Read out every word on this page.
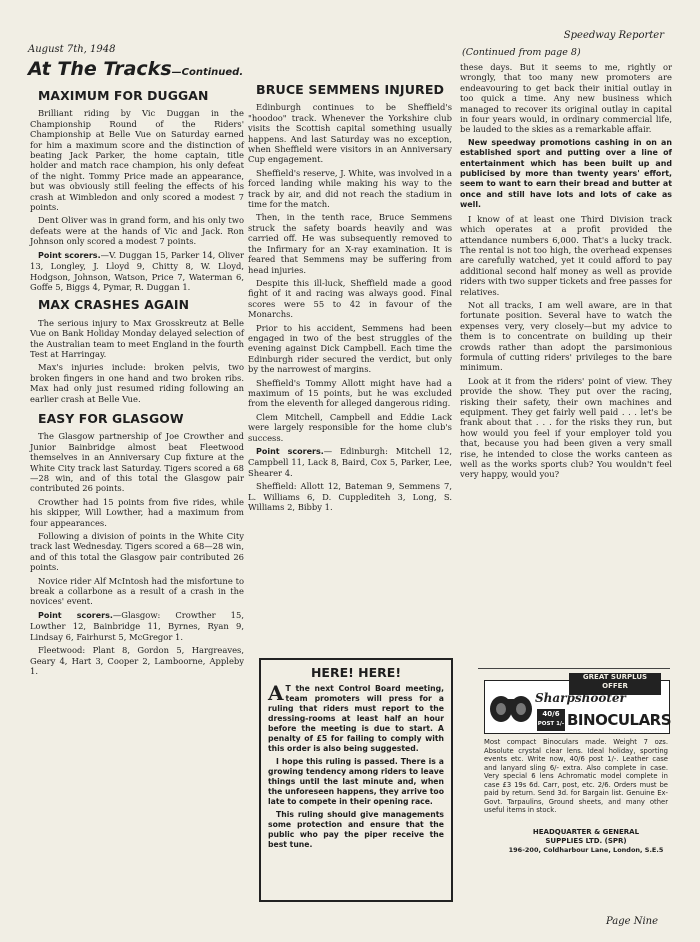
August 7th, 1948
Speedway Reporter
(Continued from page 8)
At The Tracks—Continued.
MAXIMUM FOR DUGGAN

Brilliant riding by Vic Duggan in the Championship Round of the Riders' Championship at Belle Vue on Saturday earned for him a maximum score and the distinction of beating Jack Parker, the home captain, title holder and match race champion, his only defeat of the night. Tommy Price made an appearance, but was obviously still feeling the effects of his crash at Wimbledon and only scored a modest 7 points.

Dent Oliver was in grand form, and his only two defeats were at the hands of Vic and Jack. Ron Johnson only scored a modest 7 points.

Point scorers.—V. Duggan 15, Parker 14, Oliver 13, Longley, J. Lloyd 9, Chitty 8, W. Lloyd, Hodgson, Johnson, Watson, Price 7, Waterman 6, Goffe 5, Biggs 4, Pymar, R. Duggan 1.

MAX CRASHES AGAIN

The serious injury to Max Grosskreutz at Belle Vue on Bank Holiday Monday delayed selection of the Australian team to meet England in the fourth Test at Harringay.

Max's injuries include: broken pelvis, two broken fingers in one hand and two broken ribs. Max had only just resumed riding following an earlier crash at Belle Vue.

EASY FOR GLASGOW

The Glasgow partnership of Joe Crowther and Junior Bainbridge almost beat Fleetwood themselves in an Anniversary Cup fixture at the White City track last Saturday. Tigers scored a 68—28 win, and of this total the Glasgow pair contributed 26 points.

Crowther had 15 points from five rides, while his skipper, Will Lowther, had a maximum from four appearances.

Following a division of points in the White City track last Wednesday. Tigers scored a 68—28 win, and of this total the Glasgow pair contributed 26 points.

Novice rider Alf McIntosh had the misfortune to break a collarbone as a result of a crash in the novices' event.

Point scorers.—Glasgow: Crowther 15, Lowther 12, Bainbridge 11, Byrnes, Ryan 9, Lindsay 6, Fairhurst 5, McGregor 1.

Fleetwood: Plant 8, Gordon 5, Hargreaves, Geary 4, Hart 3, Cooper 2, Lamboorne, Appleby 1.

BRUCE SEMMENS INJURED

Edinburgh continues to be Sheffield's "hoodoo" track. Whenever the Yorkshire club visits the Scottish capital something usually happens. And last Saturday was no exception, when Sheffield were visitors in an Anniversary Cup engagement.

Sheffield's reserve, J. White, was involved in a forced landing while making his way to the track by air, and did not reach the stadium in time for the match.

Then, in the tenth race, Bruce Semmens struck the safety boards heavily and was carried off. He was subsequently removed to the Infirmary for an X-ray examination. It is feared that Semmens may be suffering from head injuries.

Despite this ill-luck, Sheffield made a good fight of it and racing was always good. Final scores were 55 to 42 in favour of the Monarchs.

Prior to his accident, Semmens had been engaged in two of the best struggles of the evening against Dick Campbell. Each time the Edinburgh rider secured the verdict, but only by the narrowest of margins.

Sheffield's Tommy Allott might have had a maximum of 15 points, but he was excluded from the eleventh for alleged dangerous riding.

Clem Mitchell, Campbell and Eddie Lack were largely responsible for the home club's success.

Point scorers.— Edinburgh: Mitchell 12, Campbell 11, Lack 8, Baird, Cox 5, Parker, Lee, Shearer 4.

Sheffield: Allott 12, Bateman 9, Semmens 7, L. Williams 6, D. Cupplediteh 3, Long, S. Williams 2, Bibby 1.

HERE! HERE!

A T the next Control Board meeting, team promoters will press for a ruling that riders must report to the dressing-rooms at least half an hour before the meeting is due to start. A penalty of £5 for failing to comply with this order is also being suggested.

I hope this ruling is passed. There is a growing tendency among riders to leave things until the last minute and, when the unforeseen happens, they arrive too late to compete in their opening race.

This ruling should give managements some protection and ensure that the public who pay the piper receive the best tune.

these days. But it seems to me, rightly or wrongly, that too many new promoters are endeavouring to get back their initial outlay in too quick a time. Any new business which managed to recover its original outlay in capital in four years would, in ordinary commercial life, be lauded to the skies as a remarkable affair.

New speedway promotions cashing in on an established sport and putting over a line of entertainment which has been built up and publicised by more than twenty years' effort, seem to want to earn their bread and butter at once and still have lots and lots of cake as well.

I know of at least one Third Division track which operates at a profit provided the attendance numbers 6,000. That's a lucky track. The rental is not too high, the overhead expenses are carefully watched, yet it could afford to pay additional second half money as well as provide riders with two supper tickets and free passes for relatives.

Not all tracks, I am well aware, are in that fortunate position. Several have to watch the expenses very, very closely—but my advice to them is to concentrate on building up their crowds rather than adopt the parsimonious formula of cutting riders' privileges to the bare minimum.

Look at it from the riders' point of view. They provide the show. They put over the racing, risking their safety, their own machines and equipment. They get fairly well paid . . . let's be frank about that . . . for the risks they run, but how would you feel if your employer told you that, because you had been given a very small rise, he intended to close the works canteen as well as the works sports club? You wouldn't feel very happy, would you?

GREAT SURPLUS OFFER
Sharpshooter
40/6
POST 1/- BINOCULARS
Most compact Binoculars made. Weight 7 ozs. Absolute crystal clear lens. Ideal holiday, sporting events etc. Write now, 40/6 post 1/-. Leather case and lanyard sling 6/- extra. Also complete in case. Very special 6 lens Achromatic model complete in case £3 19s 6d. Carr, post, etc. 2/6. Orders must be paid by return. Send 3d. for Bargain list. Genuine Ex-Govt. Tarpaulins, Ground sheets, and many other useful items in stock.
HEADQUARTER & GENERAL
SUPPLIES LTD. (SPR)
196-200, Coldharbour Lane, London, S.E.5
Page Nine
